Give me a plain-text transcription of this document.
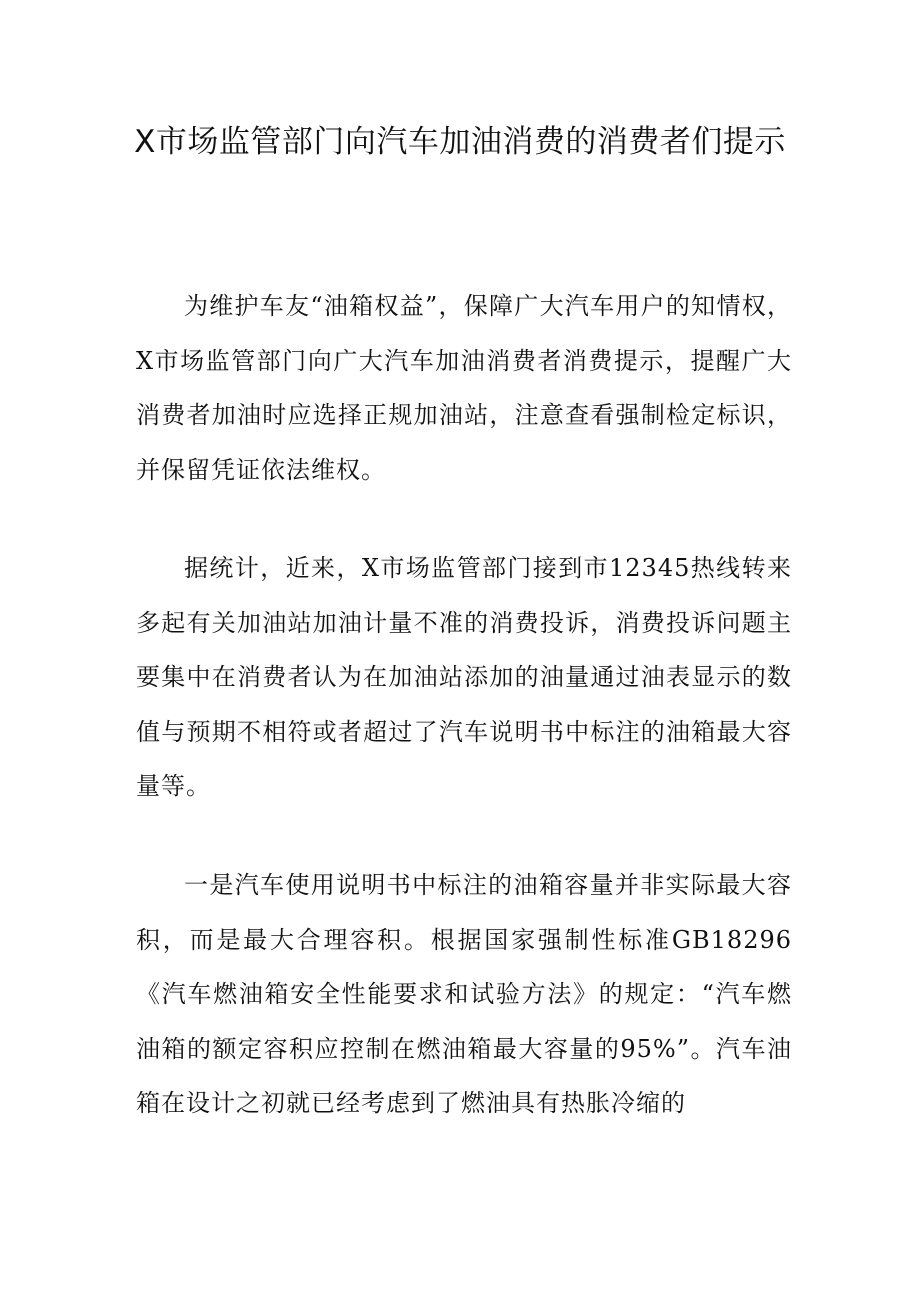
X市场监管部门向汽车加油消费的消费者们提示

为维护车友“油箱权益”，保障广大汽车用户的知情权，X市场监管部门向广大汽车加油消费者消费提示，提醒广大消费者加油时应选择正规加油站，注意查看强制检定标识，并保留凭证依法维权。

据统计，近来，X市场监管部门接到市12345热线转来多起有关加油站加油计量不准的消费投诉，消费投诉问题主要集中在消费者认为在加油站添加的油量通过油表显示的数值与预期不相符或者超过了汽车说明书中标注的油箱最大容量等。

一是汽车使用说明书中标注的油箱容量并非实际最大容积，而是最大合理容积。根据国家强制性标准GB18296《汽车燃油箱安全性能要求和试验方法》的规定：“汽车燃油箱的额定容积应控制在燃油箱最大容量的95%”。汽车油箱在设计之初就已经考虑到了燃油具有热胀冷缩的
